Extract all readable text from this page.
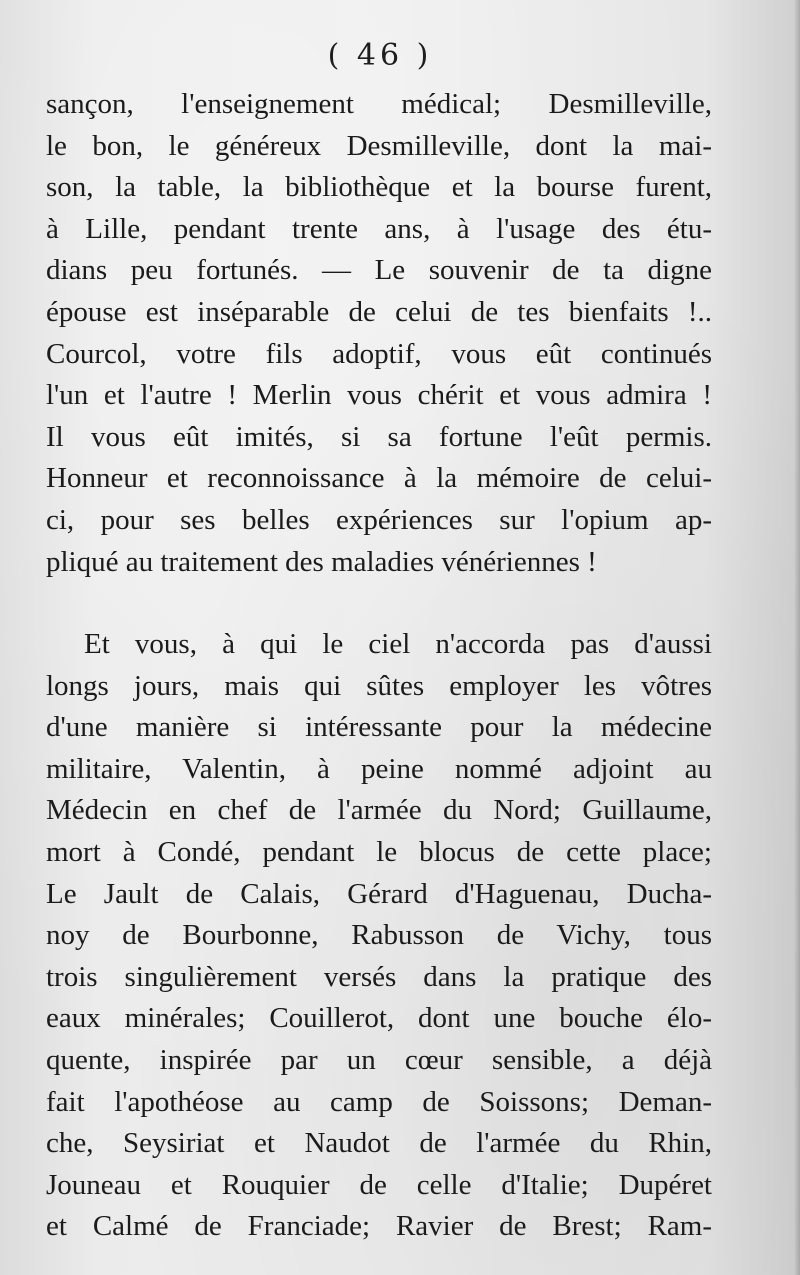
( 46 )
sançon, l'enseignement médical; Desmilleville,
le bon, le généreux Desmilleville, dont la mai-
son, la table, la bibliothèque et la bourse furent,
à Lille, pendant trente ans, à l'usage des étu-
dians peu fortunés. — Le souvenir de ta digne
épouse est inséparable de celui de tes bienfaits !..
Courcol, votre fils adoptif, vous eût continués
l'un et l'autre ! Merlin vous chérit et vous admira !
Il vous eût imités, si sa fortune l'eût permis.
Honneur et reconnoissance à la mémoire de celui-
ci, pour ses belles expériences sur l'opium ap-
pliqué au traitement des maladies vénériennes !
Et vous, à qui le ciel n'accorda pas d'aussi
longs jours, mais qui sûtes employer les vôtres
d'une manière si intéressante pour la médecine
militaire, Valentin, à peine nommé adjoint au
Médecin en chef de l'armée du Nord; Guillaume,
mort à Condé, pendant le blocus de cette place;
Le Jault de Calais, Gérard d'Haguenau, Ducha-
noy de Bourbonne, Rabusson de Vichy, tous
trois singulièrement versés dans la pratique des
eaux minérales; Couillerot, dont une bouche élo-
quente, inspirée par un cœur sensible, a déjà
fait l'apothéose au camp de Soissons; Deman-
che, Seysiriat et Naudot de l'armée du Rhin,
Jouneau et Rouquier de celle d'Italie; Dupéret
et Calmé de Franciade; Ravier de Brest; Ram-
